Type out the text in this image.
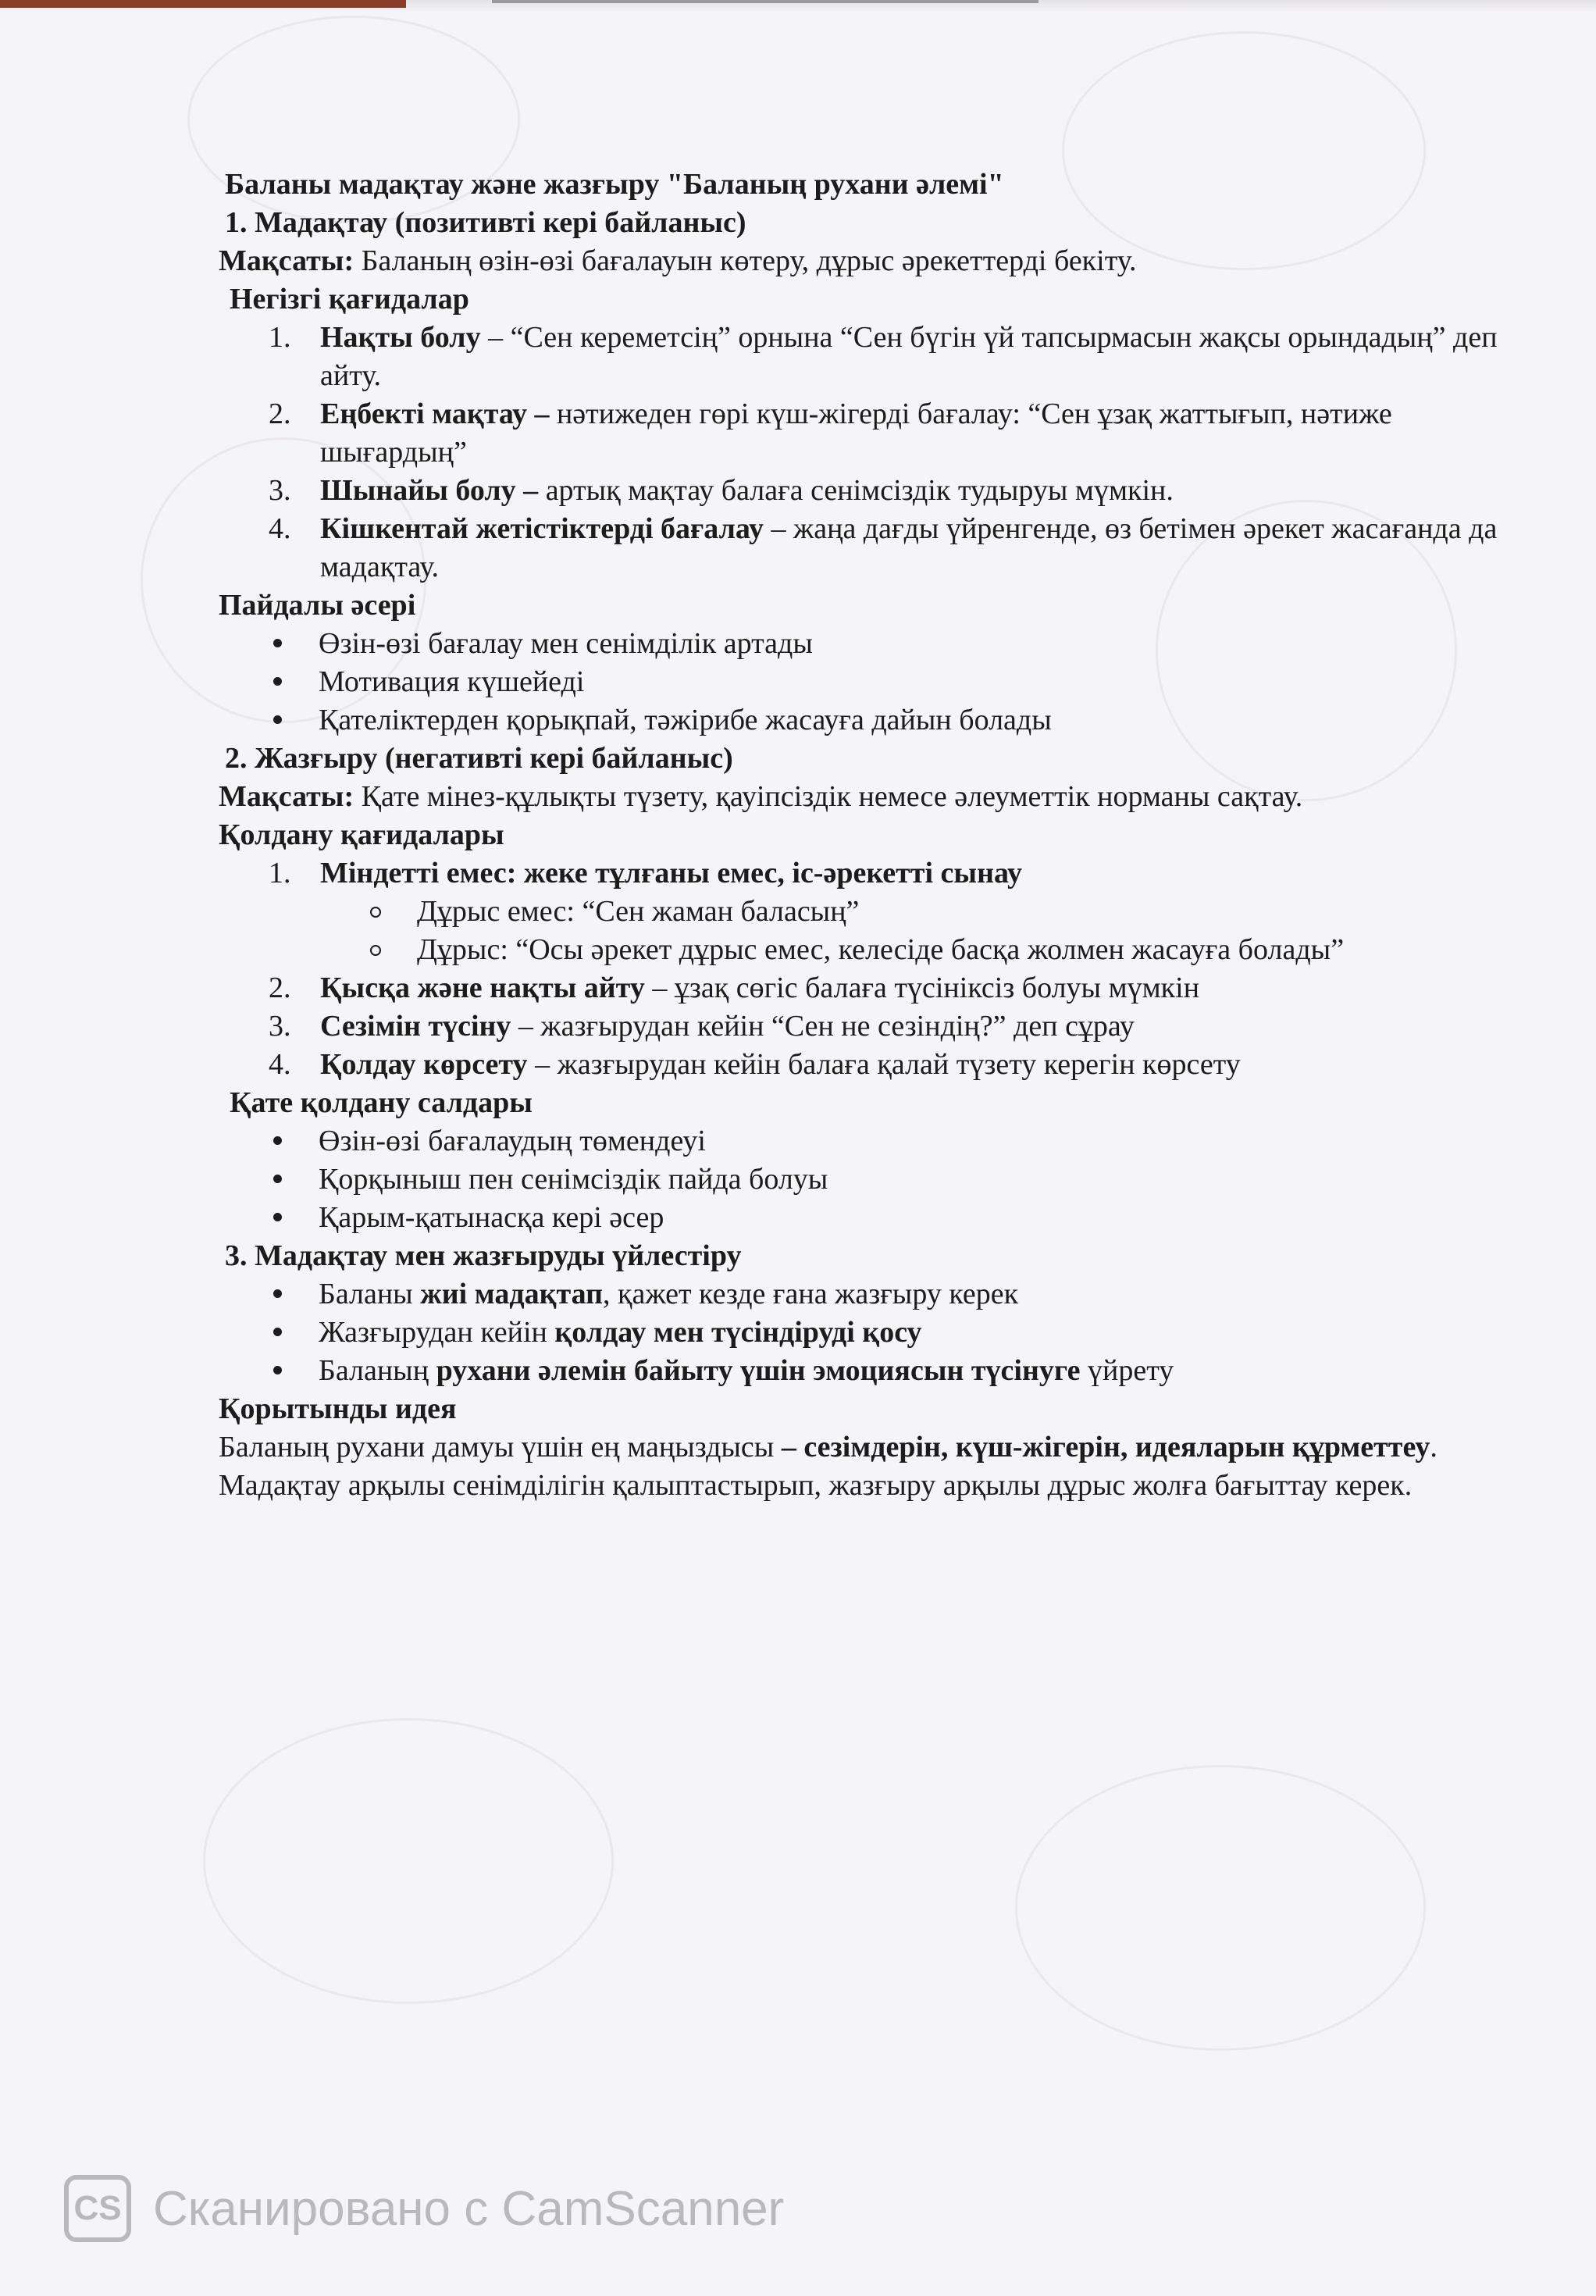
Баланы мадақтау және жазғыру "Баланың рухани әлемі"

1. Мадақтау (позитивті кері байланыс)

Мақсаты: Баланың өзін-өзі бағалауын көтеру, дұрыс әрекеттерді бекіту.

Негізгі қағидалар

1. Нақты болу – “Сен кереметсің” орнына “Сен бүгін үй тапсырмасын жақсы орындадың” деп айту.
2. Еңбекті мақтау – нәтижеден гөрі күш-жігерді бағалау: “Сен ұзақ жаттығып, нәтиже шығардың”
3. Шынайы болу – артық мақтау балаға сенімсіздік тудыруы мүмкін.
4. Кішкентай жетістіктерді бағалау – жаңа дағды үйренгенде, өз бетімен әрекет жасағанда да мадақтау.

Пайдалы әсері

Өзін-өзі бағалау мен сенімділік артады
Мотивация күшейеді
Қателіктерден қорықпай, тәжірибе жасауға дайын болады

2. Жазғыру (негативті кері байланыс)

Мақсаты: Қате мінез-құлықты түзету, қауіпсіздік немесе әлеуметтік норманы сақтау.

Қолдану қағидалары

1. Міндетті емес: жеке тұлғаны емес, іс-әрекетті сынау
Дұрыс емес: “Сен жаман баласың”
Дұрыс: “Осы әрекет дұрыс емес, келесіде басқа жолмен жасауға болады”
2. Қысқа және нақты айту – ұзақ сөгіс балаға түсініксіз болуы мүмкін
3. Сезімін түсіну – жазғырудан кейін “Сен не сезіндің?” деп сұрау
4. Қолдау көрсету – жазғырудан кейін балаға қалай түзету керегін көрсету

Қате қолдану салдары

Өзін-өзі бағалаудың төмендеуі
Қорқыныш пен сенімсіздік пайда болуы
Қарым-қатынасқа кері әсер

3. Мадақтау мен жазғыруды үйлестіру

Баланы жиі мадақтап, қажет кезде ғана жазғыру керек
Жазғырудан кейін қолдау мен түсіндіруді қосу
Баланың рухани әлемін байыту үшін эмоциясын түсінуге үйрету

Қорытынды идея

Баланың рухани дамуы үшін ең маңыздысы – сезімдерін, күш-жігерін, идеяларын құрметтеу. Мадақтау арқылы сенімділігін қалыптастырып, жазғыру арқылы дұрыс жолға бағыттау керек.

CS Сканировано с CamScanner
